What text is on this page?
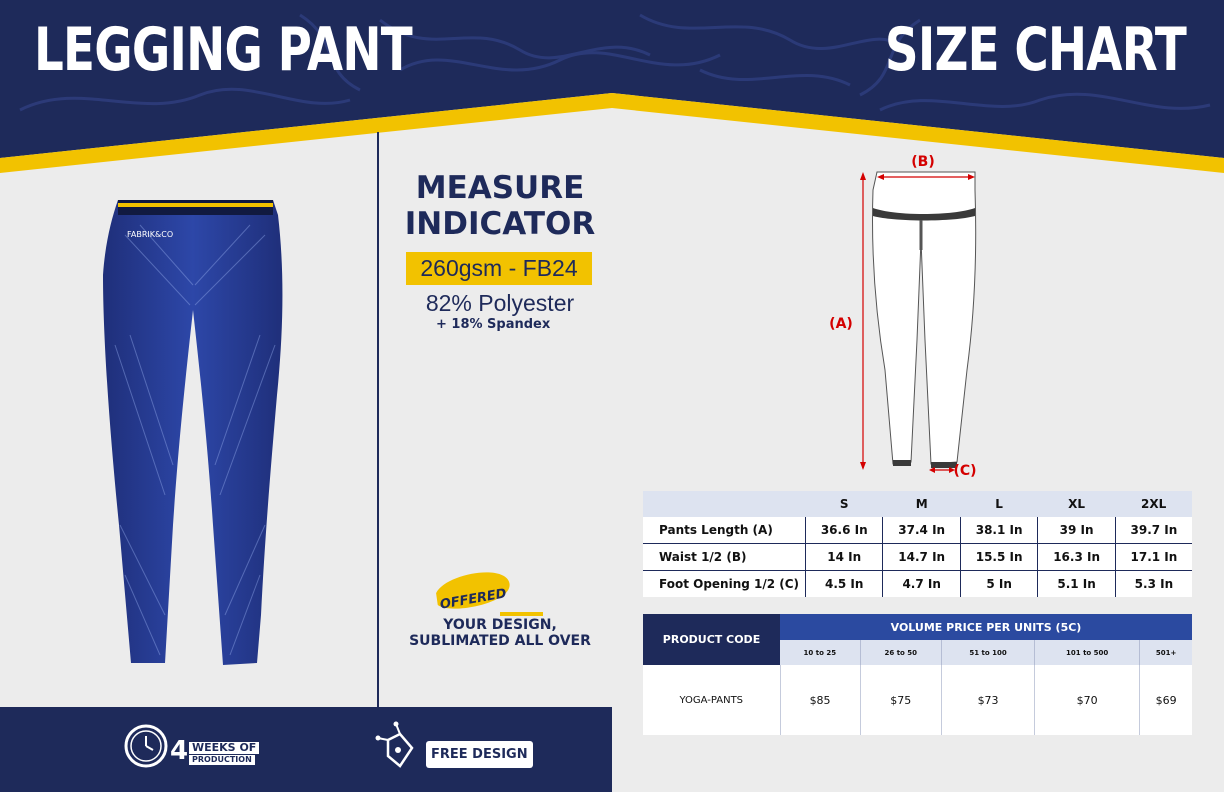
LEGGING PANT	SIZE CHART
FABRIK&CO
MEASURE
INDICATOR
260gsm - FB24
82% Polyester
+ 18% Spandex
OFFERED
YOUR DESIGN,
SUBLIMATED ALL OVER
4 WEEKS OF
PRODUCTION	FREE DESIGN
(B)
(A)
(C)
	S	M	L	XL	2XL
Pants Length (A)	36.6 In	37.4 In	38.1 In	39 In	39.7 In
Waist 1/2 (B)	14 In	14.7 In	15.5 In	16.3 In	17.1 In
Foot Opening 1/2 (C)	4.5 In	4.7 In	5 In	5.1 In	5.3 In
PRODUCT CODE	VOLUME PRICE PER UNITS (5C)				
	10 to 25	26 to 50	51 to 100	101 to 500	501+
YOGA-PANTS	$85	$75	$73	$70	$69
